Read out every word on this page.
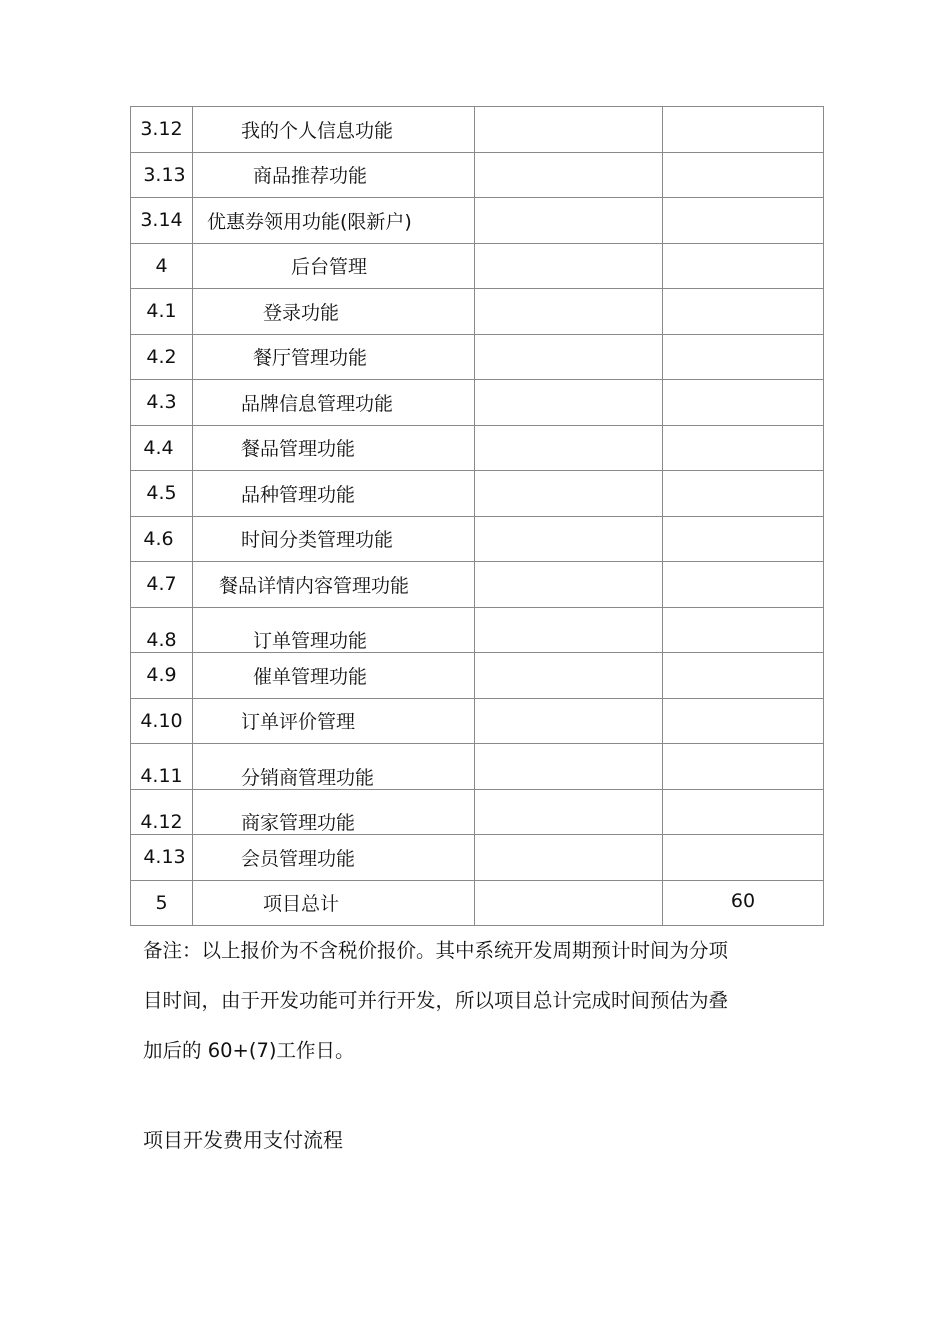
3.12	我的个人信息功能		
3.13	商品推荐功能		
3.14	优惠券领用功能(限新户)		
4	后台管理		
4.1	登录功能		
4.2	餐厅管理功能		
4.3	品牌信息管理功能		
4.4	餐品管理功能		
4.5	品种管理功能		
4.6	时间分类管理功能		
4.7	餐品详情内容管理功能		
4.8	订单管理功能		
4.9	催单管理功能		
4.10	订单评价管理		
4.11	分销商管理功能		
4.12	商家管理功能		
4.13	会员管理功能		
5	项目总计		60

备注：以上报价为不含税价报价。其中系统开发周期预计时间为分项

目时间，由于开发功能可并行开发，所以项目总计完成时间预估为叠

加后的 60+(7)工作日。

项目开发费用支付流程
